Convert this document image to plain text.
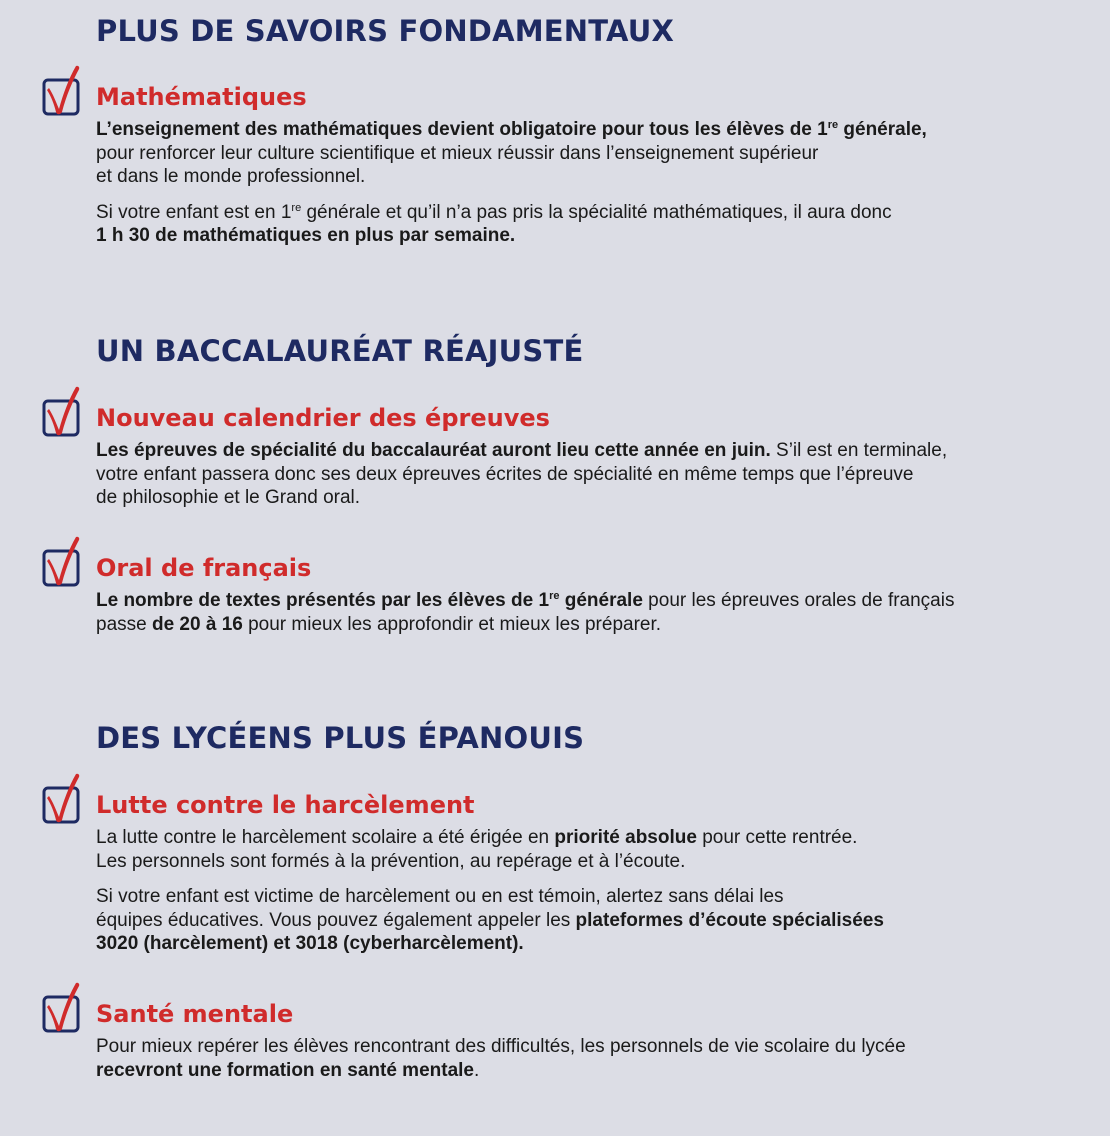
PLUS DE SAVOIRS FONDAMENTAUX
Mathématiques

L’enseignement des mathématiques devient obligatoire pour tous les élèves de 1re générale,
pour renforcer leur culture scientifique et mieux réussir dans l’enseignement supérieur
et dans le monde professionnel.

Si votre enfant est en 1re générale et qu’il n’a pas pris la spécialité mathématiques, il aura donc
1 h 30 de mathématiques en plus par semaine.

UN BACCALAURÉAT RÉAJUSTÉ
Nouveau calendrier des épreuves

Les épreuves de spécialité du baccalauréat auront lieu cette année en juin. S’il est en terminale,
votre enfant passera donc ses deux épreuves écrites de spécialité en même temps que l’épreuve
de philosophie et le Grand oral.

Oral de français

Le nombre de textes présentés par les élèves de 1re générale pour les épreuves orales de français
passe de 20 à 16 pour mieux les approfondir et mieux les préparer.

DES LYCÉENS PLUS ÉPANOUIS
Lutte contre le harcèlement

La lutte contre le harcèlement scolaire a été érigée en priorité absolue pour cette rentrée.
Les personnels sont formés à la prévention, au repérage et à l’écoute.

Si votre enfant est victime de harcèlement ou en est témoin, alertez sans délai les
équipes éducatives. Vous pouvez également appeler les plateformes d’écoute spécialisées
3020 (harcèlement) et 3018 (cyberharcèlement).

Santé mentale

Pour mieux repérer les élèves rencontrant des difficultés, les personnels de vie scolaire du lycée
recevront une formation en santé mentale.
